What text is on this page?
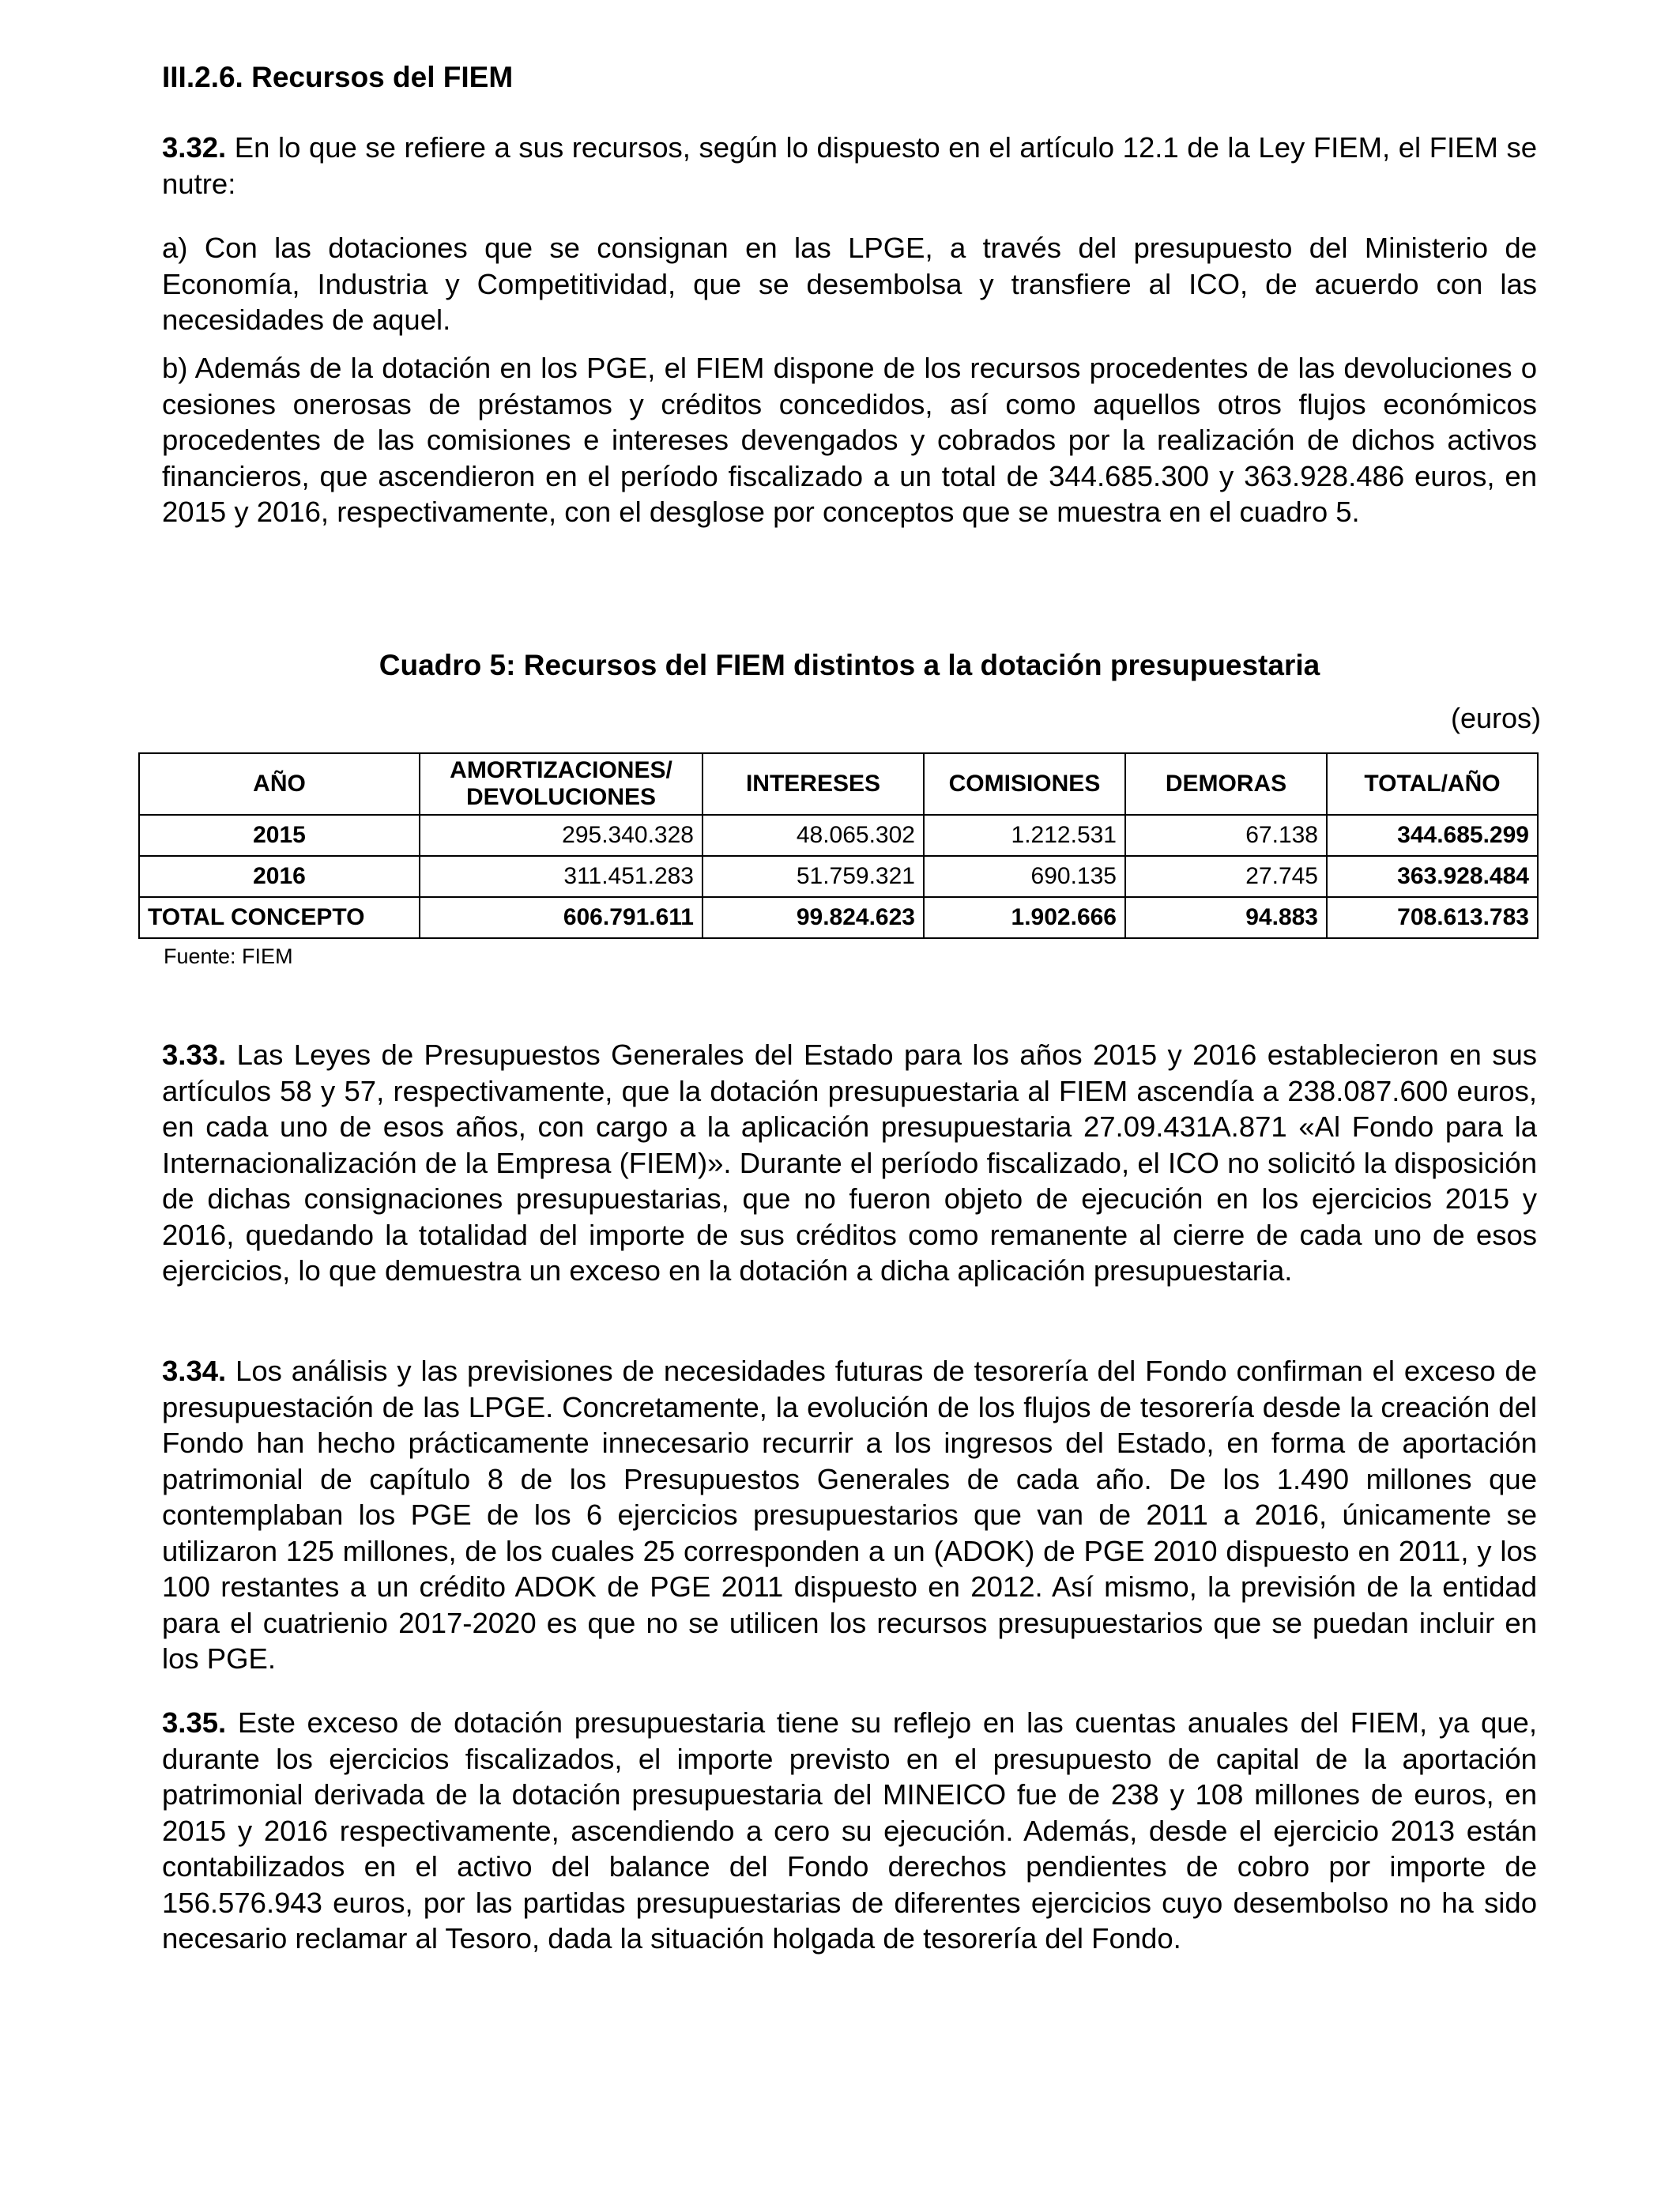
III.2.6. Recursos del FIEM

3.32. En lo que se refiere a sus recursos, según lo dispuesto en el artículo 12.1 de la Ley FIEM, el FIEM se nutre:

a) Con las dotaciones que se consignan en las LPGE, a través del presupuesto del Ministerio de Economía, Industria y Competitividad, que se desembolsa y transfiere al ICO, de acuerdo con las necesidades de aquel.

b) Además de la dotación en los PGE, el FIEM dispone de los recursos procedentes de las devoluciones o cesiones onerosas de préstamos y créditos concedidos, así como aquellos otros flujos económicos procedentes de las comisiones e intereses devengados y cobrados por la realización de dichos activos financieros, que ascendieron en el período fiscalizado a un total de 344.685.300 y 363.928.486 euros, en 2015 y 2016, respectivamente, con el desglose por conceptos que se muestra en el cuadro 5.

Cuadro 5: Recursos del FIEM distintos a la dotación presupuestaria
(euros)
AÑO	AMORTIZACIONES/ DEVOLUCIONES	INTERESES	COMISIONES	DEMORAS	TOTAL/AÑO
2015	295.340.328	48.065.302	1.212.531	67.138	344.685.299
2016	311.451.283	51.759.321	690.135	27.745	363.928.484
TOTAL CONCEPTO	606.791.611	99.824.623	1.902.666	94.883	708.613.783
Fuente: FIEM

3.33. Las Leyes de Presupuestos Generales del Estado para los años 2015 y 2016 establecieron en sus artículos 58 y 57, respectivamente, que la dotación presupuestaria al FIEM ascendía a 238.087.600 euros, en cada uno de esos años, con cargo a la aplicación presupuestaria 27.09.431A.871 «Al Fondo para la Internacionalización de la Empresa (FIEM)». Durante el período fiscalizado, el ICO no solicitó la disposición de dichas consignaciones presupuestarias, que no fueron objeto de ejecución en los ejercicios 2015 y 2016, quedando la totalidad del importe de sus créditos como remanente al cierre de cada uno de esos ejercicios, lo que demuestra un exceso en la dotación a dicha aplicación presupuestaria.

3.34. Los análisis y las previsiones de necesidades futuras de tesorería del Fondo confirman el exceso de presupuestación de las LPGE. Concretamente, la evolución de los flujos de tesorería desde la creación del Fondo han hecho prácticamente innecesario recurrir a los ingresos del Estado, en forma de aportación patrimonial de capítulo 8 de los Presupuestos Generales de cada año. De los 1.490 millones que contemplaban los PGE de los 6 ejercicios presupuestarios que van de 2011 a 2016, únicamente se utilizaron 125 millones, de los cuales 25 corresponden a un (ADOK) de PGE 2010 dispuesto en 2011, y los 100 restantes a un crédito ADOK de PGE 2011 dispuesto en 2012. Así mismo, la previsión de la entidad para el cuatrienio 2017-2020 es que no se utilicen los recursos presupuestarios que se puedan incluir en los PGE.

3.35. Este exceso de dotación presupuestaria tiene su reflejo en las cuentas anuales del FIEM, ya que, durante los ejercicios fiscalizados, el importe previsto en el presupuesto de capital de la aportación patrimonial derivada de la dotación presupuestaria del MINEICO fue de 238 y 108 millones de euros, en 2015 y 2016 respectivamente, ascendiendo a cero su ejecución. Además, desde el ejercicio 2013 están contabilizados en el activo del balance del Fondo derechos pendientes de cobro por importe de 156.576.943 euros, por las partidas presupuestarias de diferentes ejercicios cuyo desembolso no ha sido necesario reclamar al Tesoro, dada la situación holgada de tesorería del Fondo.
